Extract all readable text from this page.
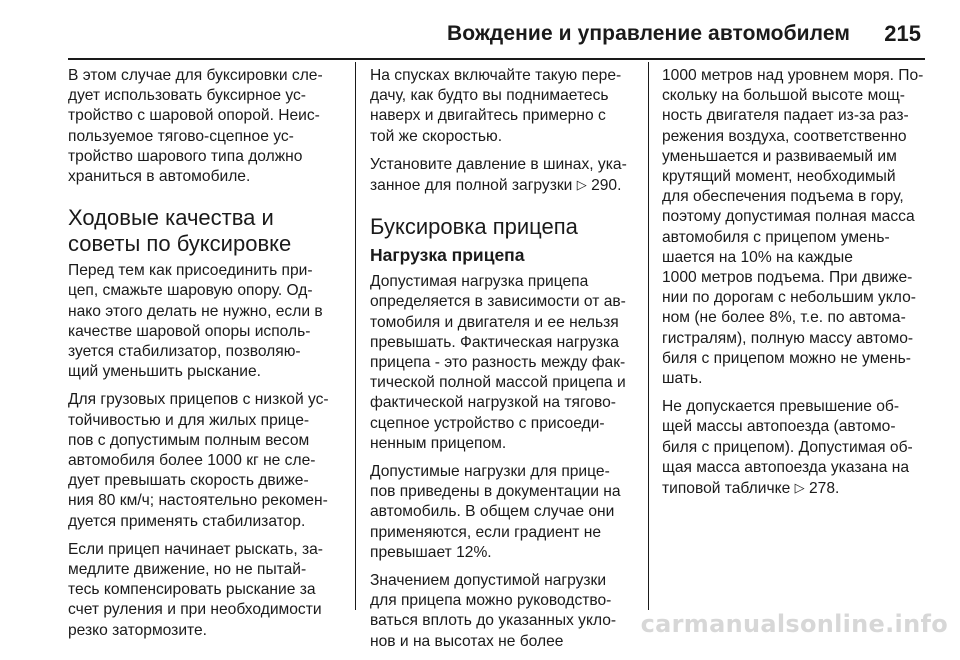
Вождение и управление автомобилем 215

В этом случае для буксировки сле-
дует использовать буксирное ус-
тройство с шаровой опорой. Неис-
пользуемое тягово-сцепное ус-
тройство шарового типа должно
храниться в автомобиле.

Ходовые качества и
советы по буксировке

Перед тем как присоединить при-
цеп, смажьте шаровую опору. Од-
нако этого делать не нужно, если в
качестве шаровой опоры исполь-
зуется стабилизатор, позволяю-
щий уменьшить рыскание.

Для грузовых прицепов с низкой ус-
тойчивостью и для жилых прице-
пов с допустимым полным весом
автомобиля более 1000 кг не сле-
дует превышать скорость движе-
ния 80 км/ч; настоятельно рекомен-
дуется применять стабилизатор.

Если прицеп начинает рыскать, за-
медлите движение, но не пытай-
тесь компенсировать рыскание за
счет руления и при необходимости
резко затормозите.

На спусках включайте такую пере-
дачу, как будто вы поднимаетесь
наверх и двигайтесь примерно с
той же скоростью.

Установите давление в шинах, ука-
занное для полной загрузки ▷ 290.

Буксировка прицепа
Нагрузка прицепа

Допустимая нагрузка прицепа
определяется в зависимости от ав-
томобиля и двигателя и ее нельзя
превышать. Фактическая нагрузка
прицепа - это разность между фак-
тической полной массой прицепа и
фактической нагрузкой на тягово-
сцепное устройство с присоеди-
ненным прицепом.

Допустимые нагрузки для прице-
пов приведены в документации на
автомобиль. В общем случае они
применяются, если градиент не
превышает 12%.

Значением допустимой нагрузки
для прицепа можно руководство-
ваться вплоть до указанных укло-
нов и на высотах не более

1000 метров над уровнем моря. По-
скольку на большой высоте мощ-
ность двигателя падает из-за раз-
режения воздуха, соответственно
уменьшается и развиваемый им
крутящий момент, необходимый
для обеспечения подъема в гору,
поэтому допустимая полная масса
автомобиля с прицепом умень-
шается на 10% на каждые
1000 метров подъема. При движе-
нии по дорогам с небольшим укло-
ном (не более 8%, т.е. по автома-
гистралям), полную массу автомо-
биля с прицепом можно не умень-
шать.

Не допускается превышение об-
щей массы автопоезда (автомо-
биля с прицепом). Допустимая об-
щая масса автопоезда указана на
типовой табличке ▷ 278.

carmanualsonline.info
